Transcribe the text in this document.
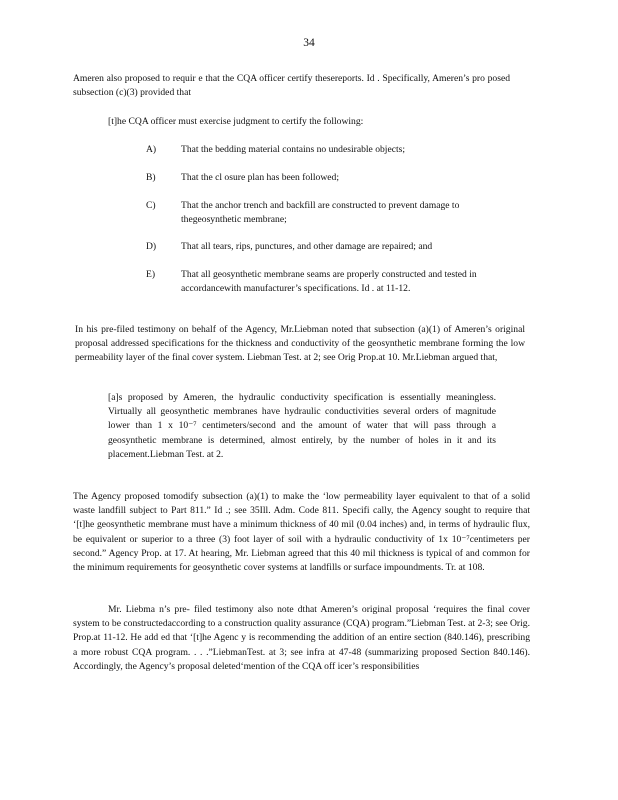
34

Ameren also proposed to requir e that the CQA officer certify thesereports. Id . Specifically, Ameren’s pro posed subsection (c)(3) provided that

[t]he CQA officer must exercise judgment to certify the following:

A)	That the bedding material contains no undesirable objects;
B)	That the cl osure plan has been followed;
C)	That the anchor trench and backfill are constructed to prevent damage to thegeosynthetic membrane;
D)	That all tears, rips, punctures, and other damage are repaired; and
E)	That all geosynthetic membrane seams are properly constructed and tested in accordancewith manufacturer’s specifications. Id . at 11-12.

In his pre-filed testimony on behalf of the Agency, Mr.Liebman noted that subsection (a)(1) of Ameren’s original proposal addressed specifications for the thickness and conductivity of the geosynthetic membrane forming the low permeability layer of the final cover system. Liebman Test. at 2; see Orig Prop.at 10. Mr.Liebman argued that,

[a]s proposed by Ameren, the hydraulic conductivity specification is essentially meaningless. Virtually all geosynthetic membranes have hydraulic conductivities several orders of magnitude lower than 1 x 10⁻⁷ centimeters/second and the amount of water that will pass through a geosynthetic membrane is determined, almost entirely, by the number of holes in it and its placement.Liebman Test. at 2.

The Agency proposed tomodify subsection (a)(1) to make the ‘low permeability layer equivalent to that of a solid waste landfill subject to Part 811.” Id .; see 35Ill. Adm. Code 811. Specifi cally, the Agency sought to require that ‘[t]he geosynthetic membrane must have a minimum thickness of 40 mil (0.04 inches) and, in terms of hydraulic flux, be equivalent or superior to a three (3) foot layer of soil with a hydraulic conductivity of 1x 10⁻⁷centimeters per second.” Agency Prop. at 17. At hearing, Mr. Liebman agreed that this 40 mil thickness is typical of and common for the minimum requirements for geosynthetic cover systems at landfills or surface impoundments. Tr. at 108.

Mr. Liebma n’s pre- filed testimony also note dthat Ameren’s original proposal ‘requires the final cover system to be constructedaccording to a construction quality assurance (CQA) program.”Liebman Test. at 2-3; see Orig. Prop.at 11-12. He add ed that ‘[t]he Agenc y is recommending the addition of an entire section (840.146), prescribing a more robust CQA program. . . .”LiebmanTest. at 3; see infra at 47-48 (summarizing proposed Section 840.146). Accordingly, the Agency’s proposal deleted‘mention of the CQA off icer’s responsibilities
